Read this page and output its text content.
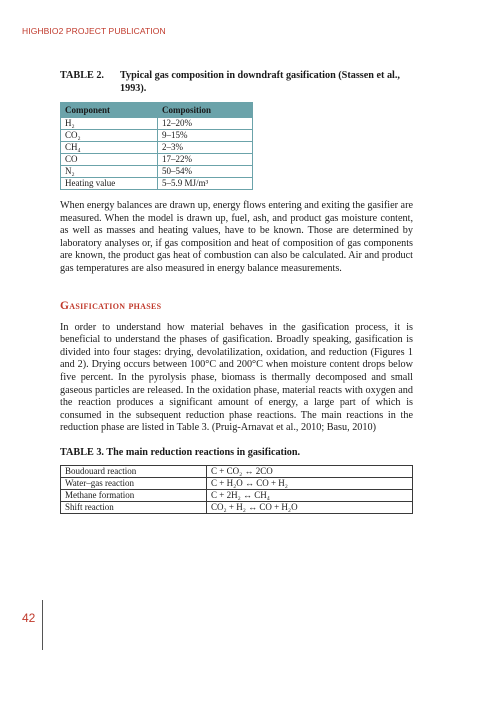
HIGHBIO2 PROJECT PUBLICATION
TABLE 2.	Typical gas composition in downdraft gasification (Stassen et al., 1993).
Component	Composition
H₂	12–20%
CO₂	9–15%
CH₄	2–3%
CO	17–22%
N₂	50–54%
Heating value	5–5.9 MJ/m³

When energy balances are drawn up, energy flows entering and exiting the gasifier are measured. When the model is drawn up, fuel, ash, and product gas moisture content, as well as masses and heating values, have to be known. Those are determined by laboratory analyses or, if gas composition and heat of composition of gas components are known, the product gas heat of combustion can also be calculated. Air and product gas temperatures are also measured in energy balance measurements.

Gasification phases

In order to understand how material behaves in the gasification process, it is beneficial to understand the phases of gasification. Broadly speaking, gasification is divided into four stages: drying, devolatilization, oxidation, and reduction (Figures 1 and 2). Drying occurs between 100°C and 200°C when moisture content drops below five percent. In the pyrolysis phase, biomass is thermally decomposed and small gaseous particles are released. In the oxidation phase, material reacts with oxygen and the reaction produces a significant amount of energy, a large part of which is consumed in the subsequent reduction phase reactions. The main reactions in the reduction phase are listed in Table 3. (Pruig-Arnavat et al., 2010; Basu, 2010)

TABLE 3. The main reduction reactions in gasification.
Boudouard reaction	C + CO₂ ↔ 2CO
Water–gas reaction	C + H₂O ↔ CO + H₂
Methane formation	C + 2H₂ ↔ CH₄
Shift reaction	CO₂ + H₂ ↔ CO + H₂O
42
